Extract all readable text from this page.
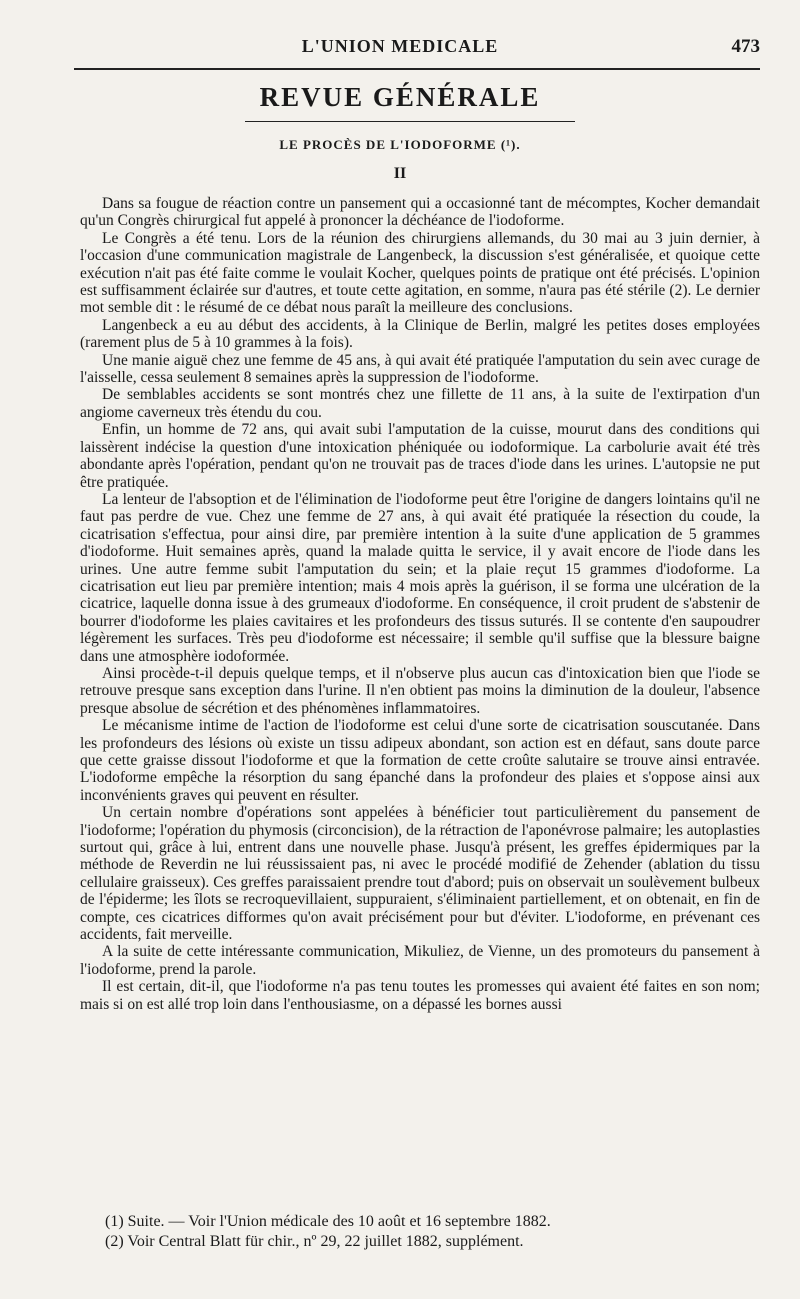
L'UNION MEDICALE	473
REVUE GÉNÉRALE
LE PROCÈS DE L'IODOFORME (¹).
II

Dans sa fougue de réaction contre un pansement qui a occasionné tant de mécomptes, Kocher demandait qu'un Congrès chirurgical fut appelé à prononcer la déchéance de l'iodoforme.

Le Congrès a été tenu. Lors de la réunion des chirurgiens allemands, du 30 mai au 3 juin dernier, à l'occasion d'une communication magistrale de Langenbeck, la discussion s'est généralisée, et quoique cette exécution n'ait pas été faite comme le voulait Kocher, quelques points de pratique ont été précisés. L'opinion est suffisamment éclairée sur d'autres, et toute cette agitation, en somme, n'aura pas été stérile (2). Le dernier mot semble dit : le résumé de ce débat nous paraît la meilleure des conclusions.

Langenbeck a eu au début des accidents, à la Clinique de Berlin, malgré les petites doses employées (rarement plus de 5 à 10 grammes à la fois).

Une manie aiguë chez une femme de 45 ans, à qui avait été pratiquée l'amputation du sein avec curage de l'aisselle, cessa seulement 8 semaines après la suppression de l'iodoforme.

De semblables accidents se sont montrés chez une fillette de 11 ans, à la suite de l'extirpation d'un angiome caverneux très étendu du cou.

Enfin, un homme de 72 ans, qui avait subi l'amputation de la cuisse, mourut dans des conditions qui laissèrent indécise la question d'une intoxication phéniquée ou iodoformique. La carbolurie avait été très abondante après l'opération, pendant qu'on ne trouvait pas de traces d'iode dans les urines. L'autopsie ne put être pratiquée.

La lenteur de l'absoption et de l'élimination de l'iodoforme peut être l'origine de dangers lointains qu'il ne faut pas perdre de vue. Chez une femme de 27 ans, à qui avait été pratiquée la résection du coude, la cicatrisation s'effectua, pour ainsi dire, par première intention à la suite d'une application de 5 grammes d'iodoforme. Huit semaines après, quand la malade quitta le service, il y avait encore de l'iode dans les urines. Une autre femme subit l'amputation du sein; et la plaie reçut 15 grammes d'iodoforme. La cicatrisation eut lieu par première intention; mais 4 mois après la guérison, il se forma une ulcération de la cicatrice, laquelle donna issue à des grumeaux d'iodoforme. En conséquence, il croit prudent de s'abstenir de bourrer d'iodoforme les plaies cavitaires et les profondeurs des tissus suturés. Il se contente d'en saupoudrer légèrement les surfaces. Très peu d'iodoforme est nécessaire; il semble qu'il suffise que la blessure baigne dans une atmosphère iodoformée.

Ainsi procède-t-il depuis quelque temps, et il n'observe plus aucun cas d'intoxication bien que l'iode se retrouve presque sans exception dans l'urine. Il n'en obtient pas moins la diminution de la douleur, l'absence presque absolue de sécrétion et des phénomènes inflammatoires.

Le mécanisme intime de l'action de l'iodoforme est celui d'une sorte de cicatrisation souscutanée. Dans les profondeurs des lésions où existe un tissu adipeux abondant, son action est en défaut, sans doute parce que cette graisse dissout l'iodoforme et que la formation de cette croûte salutaire se trouve ainsi entravée. L'iodoforme empêche la résorption du sang épanché dans la profondeur des plaies et s'oppose ainsi aux inconvénients graves qui peuvent en résulter.

Un certain nombre d'opérations sont appelées à bénéficier tout particulièrement du pansement de l'iodoforme; l'opération du phymosis (circoncision), de la rétraction de l'aponévrose palmaire; les autoplasties surtout qui, grâce à lui, entrent dans une nouvelle phase. Jusqu'à présent, les greffes épidermiques par la méthode de Reverdin ne lui réussissaient pas, ni avec le procédé modifié de Zehender (ablation du tissu cellulaire graisseux). Ces greffes paraissaient prendre tout d'abord; puis on observait un soulèvement bulbeux de l'épiderme; les îlots se recroquevillaient, suppuraient, s'éliminaient partiellement, et on obtenait, en fin de compte, ces cicatrices difformes qu'on avait précisément pour but d'éviter. L'iodoforme, en prévenant ces accidents, fait merveille.

A la suite de cette intéressante communication, Mikuliez, de Vienne, un des promoteurs du pansement à l'iodoforme, prend la parole.

Il est certain, dit-il, que l'iodoforme n'a pas tenu toutes les promesses qui avaient été faites en son nom; mais si on est allé trop loin dans l'enthousiasme, on a dépassé les bornes aussi

(1) Suite. — Voir l'Union médicale des 10 août et 16 septembre 1882.

(2) Voir Central Blatt für chir., nº 29, 22 juillet 1882, supplément.
